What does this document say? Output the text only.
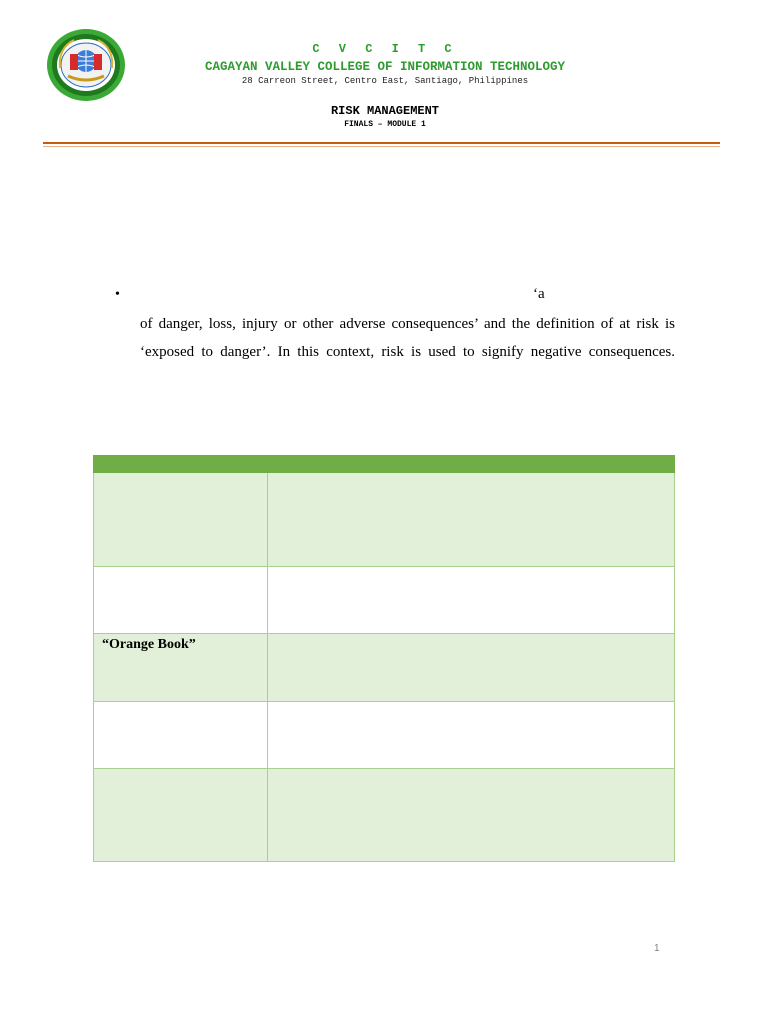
C V C I T C
CAGAYAN VALLEY COLLEGE OF INFORMATION TECHNOLOGY
28 Carreon Street, Centro East, Santiago, Philippines
RISK MANAGEMENT
FINALS – MODULE 1
•	‘a
of danger, loss, injury or other adverse consequences’ and the definition of at risk is
‘exposed to danger’. In this context, risk is used to signify negative consequences.

“Orange Book”	

1
